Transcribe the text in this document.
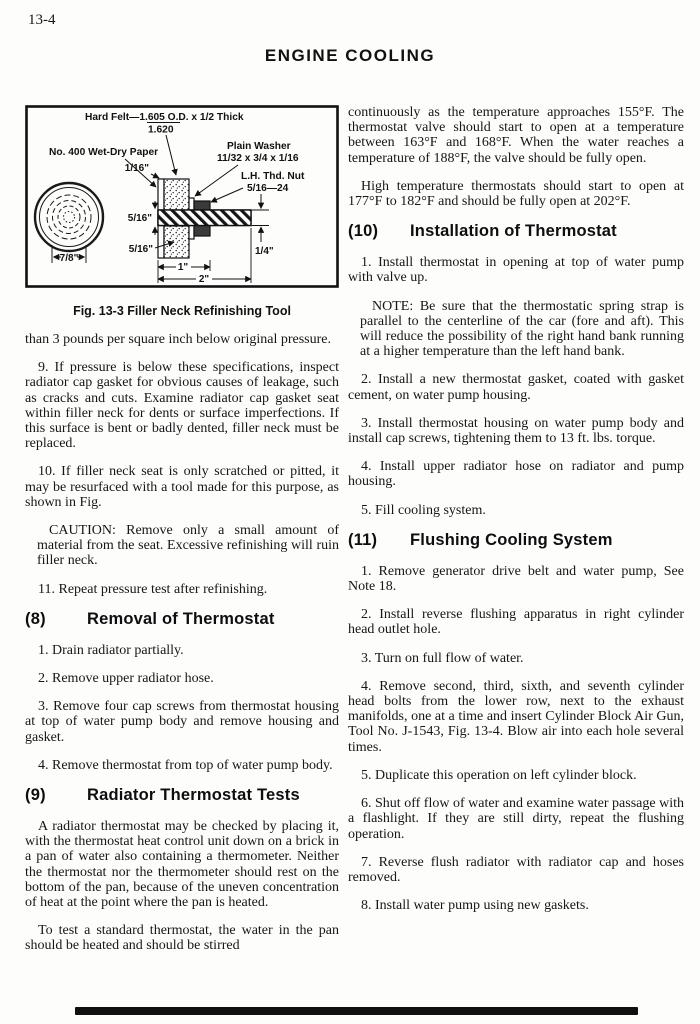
13-4
ENGINE COOLING
7/8"
Hard Felt—1.605 O.D. x 1/2 Thick
1.620
No. 400 Wet-Dry Paper
1/16"
Plain Washer
11/32 x 3/4 x 1/16
L.H. Thd. Nut
5/16—24
5/16"
5/16"	1/4"
1"
2"
Fig. 13-3 Filler Neck Refinishing Tool

than 3 pounds per square inch below original pressure.

9. If pressure is below these specifications, inspect radiator cap gasket for obvious causes of leakage, such as cracks and cuts. Examine radiator cap gasket seat within filler neck for dents or surface imperfections. If this surface is bent or badly dented, filler neck must be replaced.

10. If filler neck seat is only scratched or pitted, it may be resurfaced with a tool made for this purpose, as shown in Fig.

CAUTION: Remove only a small amount of material from the seat. Excessive refinishing will ruin filler neck.

11. Repeat pressure test after refinishing.

(8)	Removal of Thermostat

1. Drain radiator partially.

2. Remove upper radiator hose.

3. Remove four cap screws from thermostat housing at top of water pump body and remove housing and gasket.

4. Remove thermostat from top of water pump body.

(9)	Radiator Thermostat Tests

A radiator thermostat may be checked by placing it, with the thermostat heat control unit down on a brick in a pan of water also containing a thermometer. Neither the thermostat nor the thermometer should rest on the bottom of the pan, because of the uneven concentration of heat at the point where the pan is heated.

To test a standard thermostat, the water in the pan should be heated and should be stirred

continuously as the temperature approaches 155°F. The thermostat valve should start to open at a temperature between 163°F and 168°F. When the water reaches a temperature of 188°F, the valve should be fully open.

High temperature thermostats should start to open at 177°F to 182°F and should be fully open at 202°F.

(10)	Installation of Thermostat

1. Install thermostat in opening at top of water pump with valve up.

NOTE: Be sure that the thermostatic spring strap is parallel to the centerline of the car (fore and aft). This will reduce the possibility of the right hand bank running at a higher temperature than the left hand bank.

2. Install a new thermostat gasket, coated with gasket cement, on water pump housing.

3. Install thermostat housing on water pump body and install cap screws, tightening them to 13 ft. lbs. torque.

4. Install upper radiator hose on radiator and pump housing.

5. Fill cooling system.

(11)	Flushing Cooling System

1. Remove generator drive belt and water pump, See Note 18.

2. Install reverse flushing apparatus in right cylinder head outlet hole.

3. Turn on full flow of water.

4. Remove second, third, sixth, and seventh cylinder head bolts from the lower row, next to the exhaust manifolds, one at a time and insert Cylinder Block Air Gun, Tool No. J-1543, Fig. 13-4. Blow air into each hole several times.

5. Duplicate this operation on left cylinder block.

6. Shut off flow of water and examine water passage with a flashlight. If they are still dirty, repeat the flushing operation.

7. Reverse flush radiator with radiator cap and hoses removed.

8. Install water pump using new gaskets.
